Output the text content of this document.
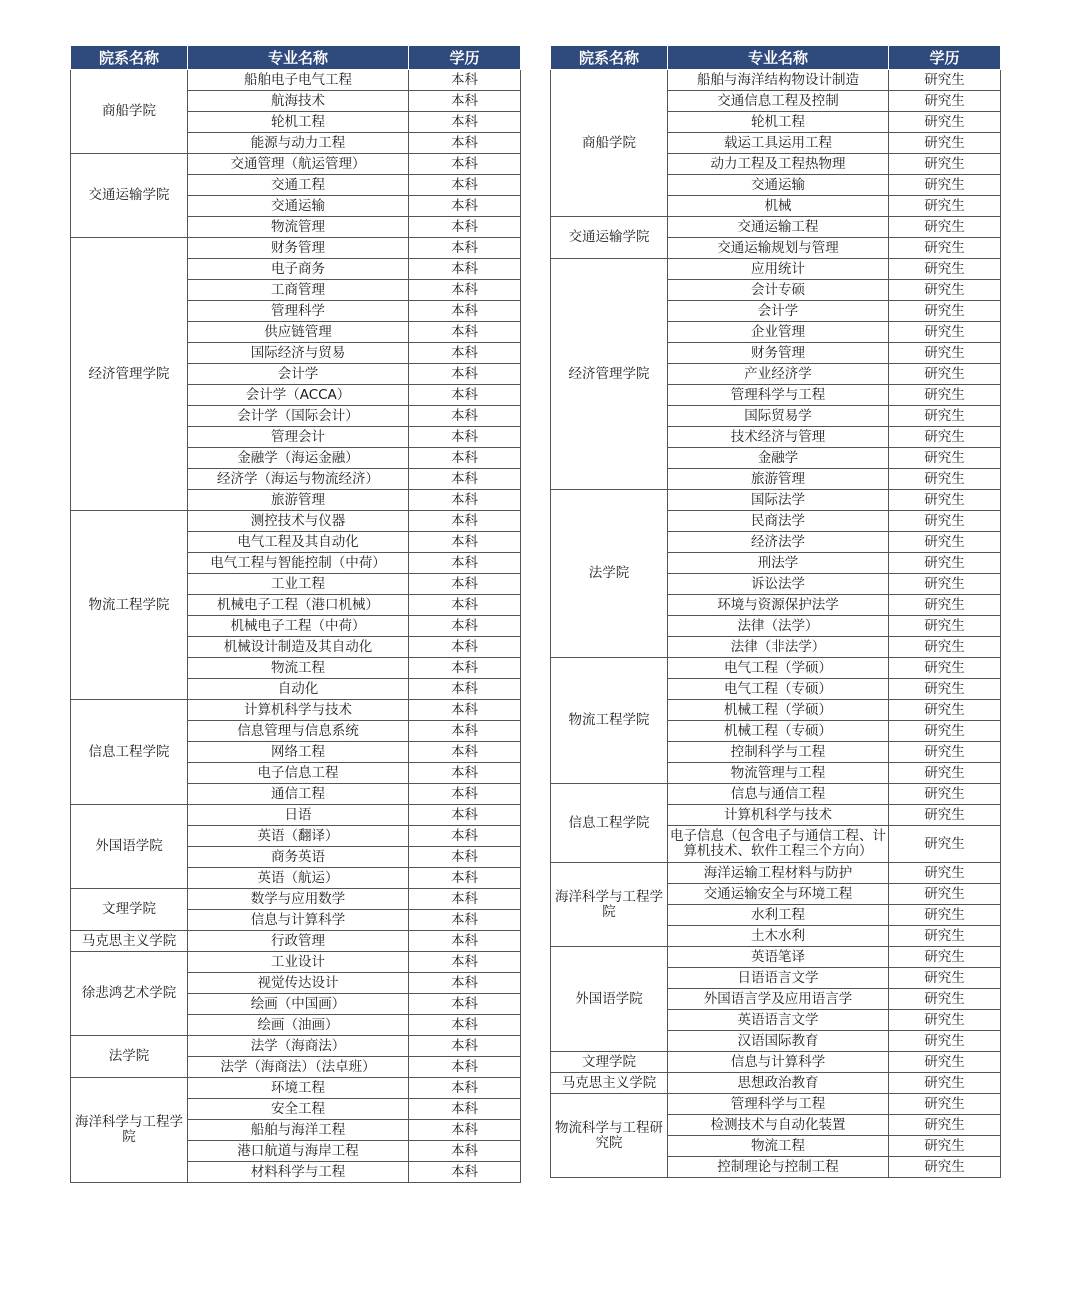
院系名称	专业名称	学历
商船学院	船舶电子电气工程	本科
	航海技术	本科
	轮机工程	本科
	能源与动力工程	本科
交通运输学院	交通管理（航运管理）	本科
	交通工程	本科
	交通运输	本科
	物流管理	本科
经济管理学院	财务管理	本科
	电子商务	本科
	工商管理	本科
	管理科学	本科
	供应链管理	本科
	国际经济与贸易	本科
	会计学	本科
	会计学（ACCA）	本科
	会计学（国际会计）	本科
	管理会计	本科
	金融学（海运金融）	本科
	经济学（海运与物流经济）	本科
	旅游管理	本科
物流工程学院	测控技术与仪器	本科
	电气工程及其自动化	本科
	电气工程与智能控制（中荷）	本科
	工业工程	本科
	机械电子工程（港口机械）	本科
	机械电子工程（中荷）	本科
	机械设计制造及其自动化	本科
	物流工程	本科
	自动化	本科
信息工程学院	计算机科学与技术	本科
	信息管理与信息系统	本科
	网络工程	本科
	电子信息工程	本科
	通信工程	本科
外国语学院	日语	本科
	英语（翻译）	本科
	商务英语	本科
	英语（航运）	本科
文理学院	数学与应用数学	本科
	信息与计算科学	本科
马克思主义学院	行政管理	本科
徐悲鸿艺术学院	工业设计	本科
	视觉传达设计	本科
	绘画（中国画）	本科
	绘画（油画）	本科
法学院	法学（海商法）	本科
	法学（海商法）（法卓班）	本科
海洋科学与工程学院	环境工程	本科
	安全工程	本科
	船舶与海洋工程	本科
	港口航道与海岸工程	本科
	材料科学与工程	本科
院系名称	专业名称	学历
商船学院	船舶与海洋结构物设计制造	研究生
	交通信息工程及控制	研究生
	轮机工程	研究生
	载运工具运用工程	研究生
	动力工程及工程热物理	研究生
	交通运输	研究生
	机械	研究生
交通运输学院	交通运输工程	研究生
	交通运输规划与管理	研究生
经济管理学院	应用统计	研究生
	会计专硕	研究生
	会计学	研究生
	企业管理	研究生
	财务管理	研究生
	产业经济学	研究生
	管理科学与工程	研究生
	国际贸易学	研究生
	技术经济与管理	研究生
	金融学	研究生
	旅游管理	研究生
法学院	国际法学	研究生
	民商法学	研究生
	经济法学	研究生
	刑法学	研究生
	诉讼法学	研究生
	环境与资源保护法学	研究生
	法律（法学）	研究生
	法律（非法学）	研究生
物流工程学院	电气工程（学硕）	研究生
	电气工程（专硕）	研究生
	机械工程（学硕）	研究生
	机械工程（专硕）	研究生
	控制科学与工程	研究生
	物流管理与工程	研究生
信息工程学院	信息与通信工程	研究生
	计算机科学与技术	研究生
	电子信息（包含电子与通信工程、计算机技术、软件工程三个方向）	研究生
海洋科学与工程学院	海洋运输工程材料与防护	研究生
	交通运输安全与环境工程	研究生
	水利工程	研究生
	土木水利	研究生
外国语学院	英语笔译	研究生
	日语语言文学	研究生
	外国语言学及应用语言学	研究生
	英语语言文学	研究生
	汉语国际教育	研究生
文理学院	信息与计算科学	研究生
马克思主义学院	思想政治教育	研究生
物流科学与工程研究院	管理科学与工程	研究生
	检测技术与自动化装置	研究生
	物流工程	研究生
	控制理论与控制工程	研究生
